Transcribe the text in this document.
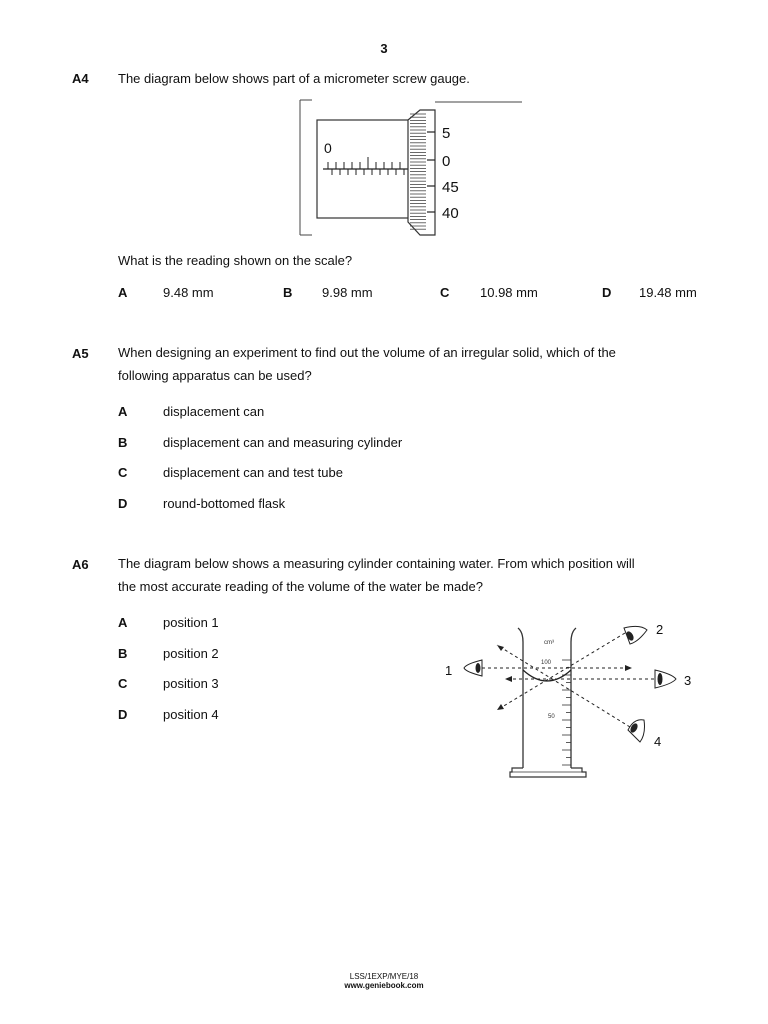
3
A4 The diagram below shows part of a micrometer screw gauge.
0
5
0
45
40
What is the reading shown on the scale?
A	9.48 mm	B 9.98 mm	C 10.98 mm	D 19.48 mm
A5 When designing an experiment to find out the volume of an irregular solid, which of the
following apparatus can be used?
A	displacement can
B	displacement can and measuring cylinder
C	displacement can and test tube
D	round-bottomed flask
A6 The diagram below shows a measuring cylinder containing water. From which position will
the most accurate reading of the volume of the water be made?
A	position 1
B	position 2
C	position 3
D	position 4
cm³
100
50
1
2
3
4
LSS/1EXP/MYE/18
www.geniebook.com
